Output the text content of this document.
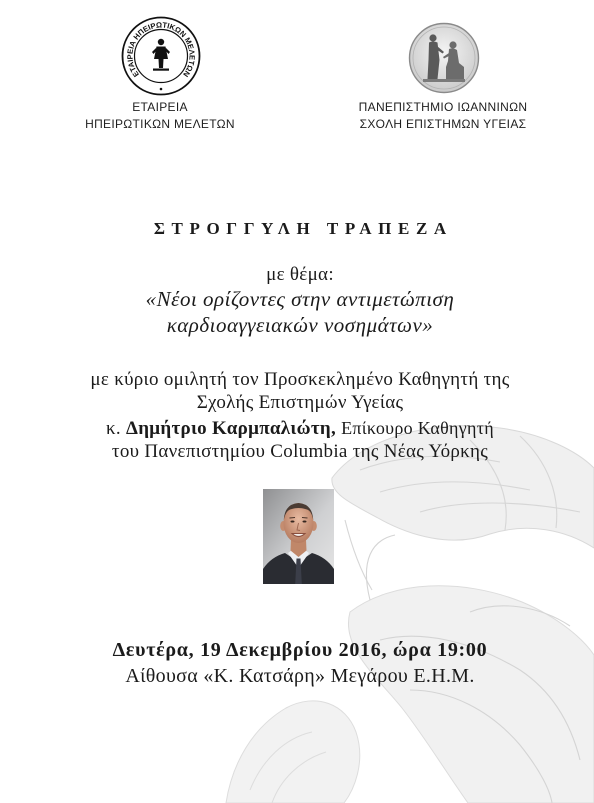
ΕΤΑΙΡΕΙΑ ΗΠΕΙΡΩΤΙΚΩΝ ΜΕΛΕΤΩΝ
ΕΤΑΙΡΕΙΑ
ΗΠΕΙΡΩΤΙΚΩΝ ΜΕΛΕΤΩΝ
ΠΑΝΕΠΙΣΤΗΜΙΟ ΙΩΑΝΝΙΝΩΝ
ΣΧΟΛΗ ΕΠΙΣΤΗΜΩΝ ΥΓΕΙΑΣ
ΣΤΡΟΓΓΥΛΗ ΤΡΑΠΕΖΑ
με θέμα:
«Νέοι ορίζοντες στην αντιμετώπιση
καρδιοαγγειακών νοσημάτων»
με κύριο ομιλητή τον Προσκεκλημένο Καθηγητή της
Σχολής Επιστημών Υγείας
κ. Δημήτριο Καρμπαλιώτη, Επίκουρο Καθηγητή
του Πανεπιστημίου Columbia της Νέας Υόρκης
Δευτέρα, 19 Δεκεμβρίου 2016, ώρα 19:00
Αίθουσα «Κ. Κατσάρη» Μεγάρου Ε.Η.Μ.
